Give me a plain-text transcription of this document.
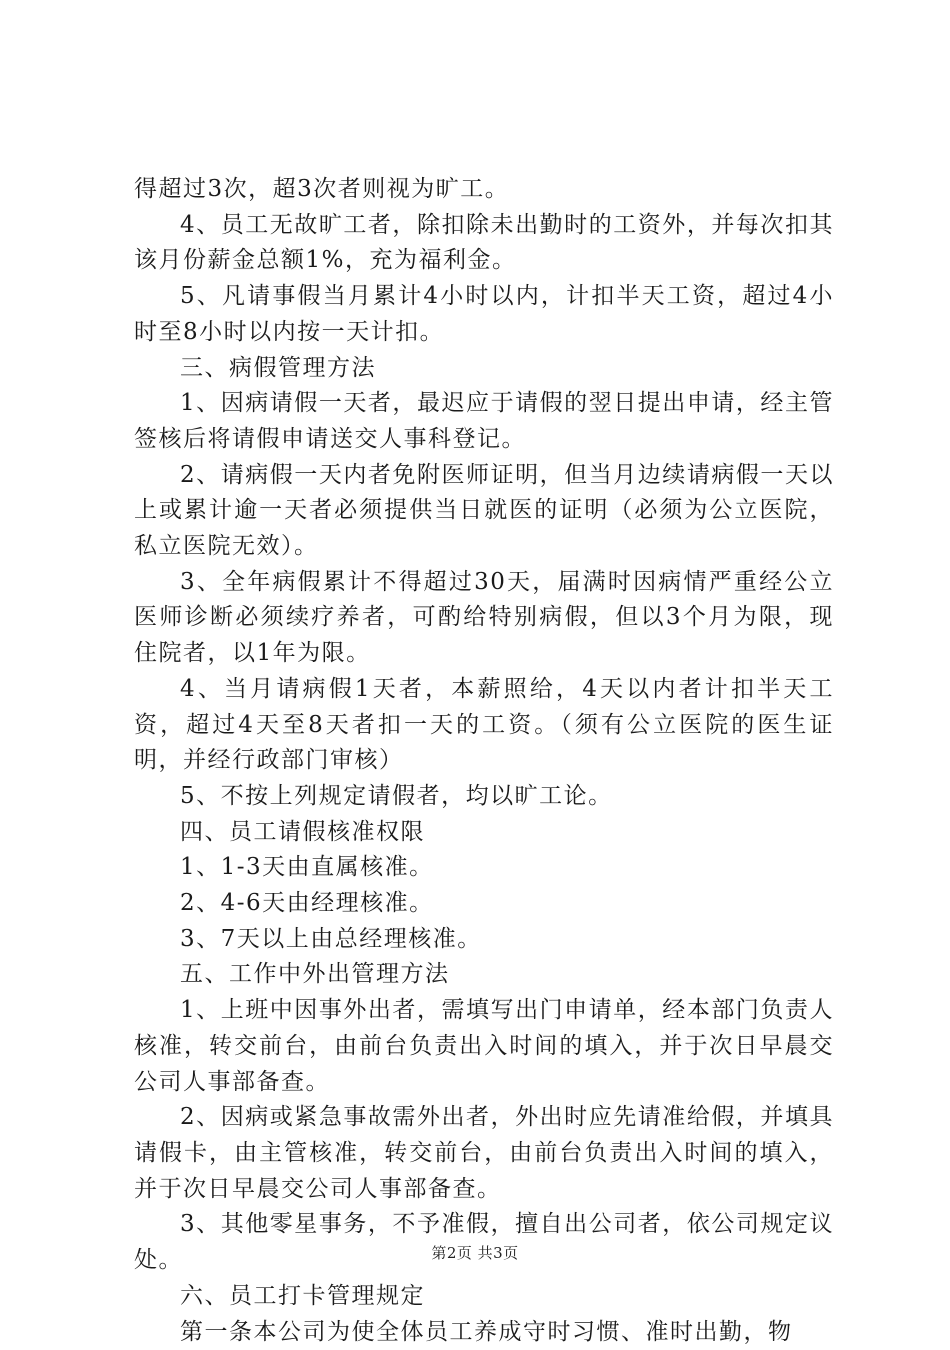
得超过3次，超3次者则视为旷工。

4、员工无故旷工者，除扣除未出勤时的工资外，并每次扣其该月份薪金总额1%，充为福利金。

5、凡请事假当月累计4小时以内，计扣半天工资，超过4小时至8小时以内按一天计扣。

三、病假管理方法

1、因病请假一天者，最迟应于请假的翌日提出申请，经主管签核后将请假申请送交人事科登记。

2、请病假一天内者免附医师证明，但当月边续请病假一天以上或累计逾一天者必须提供当日就医的证明（必须为公立医院，私立医院无效）。

3、全年病假累计不得超过30天，届满时因病情严重经公立医师诊断必须续疗养者，可酌给特别病假，但以3个月为限，现住院者，以1年为限。

4、当月请病假1天者，本薪照给，4天以内者计扣半天工资，超过4天至8天者扣一天的工资。（须有公立医院的医生证明，并经行政部门审核）

5、不按上列规定请假者，均以旷工论。

四、员工请假核准权限

1、1-3天由直属核准。

2、4-6天由经理核准。

3、7天以上由总经理核准。

五、工作中外出管理方法

1、上班中因事外出者，需填写出门申请单，经本部门负责人核准，转交前台，由前台负责出入时间的填入，并于次日早晨交公司人事部备查。

2、因病或紧急事故需外出者，外出时应先请准给假，并填具请假卡，由主管核准，转交前台，由前台负责出入时间的填入，并于次日早晨交公司人事部备查。

3、其他零星事务，不予准假，擅自出公司者，依公司规定议处。

六、员工打卡管理规定

第一条本公司为使全体员工养成守时习惯、准时出勤，物

第2页 共3页
